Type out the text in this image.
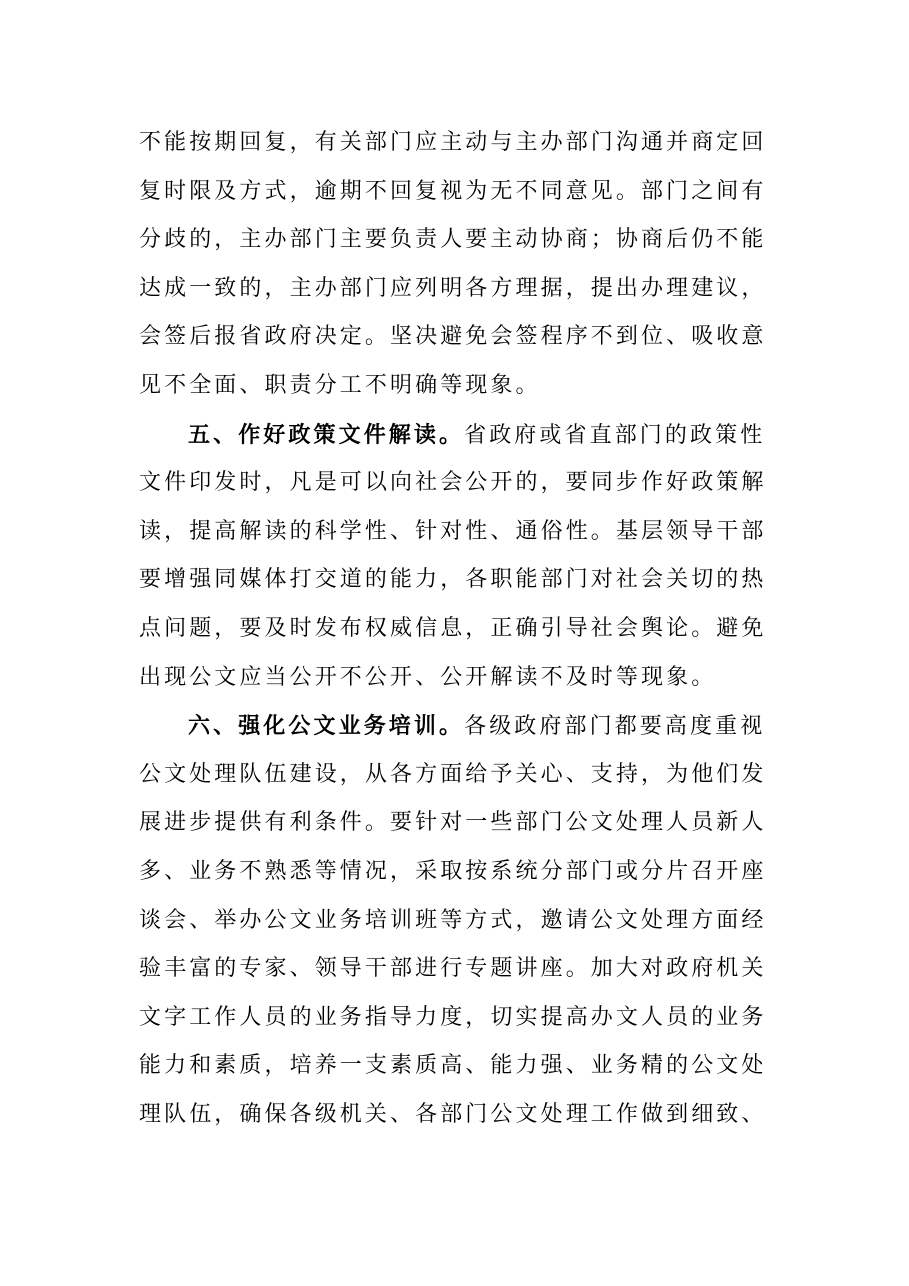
不能按期回复，有关部门应主动与主办部门沟通并商定回
复时限及方式，逾期不回复视为无不同意见。部门之间有
分歧的，主办部门主要负责人要主动协商；协商后仍不能
达成一致的，主办部门应列明各方理据，提出办理建议，
会签后报省政府决定。坚决避免会签程序不到位、吸收意
见不全面、职责分工不明确等现象。
五、作好政策文件解读。省政府或省直部门的政策性
文件印发时，凡是可以向社会公开的，要同步作好政策解
读，提高解读的科学性、针对性、通俗性。基层领导干部
要增强同媒体打交道的能力，各职能部门对社会关切的热
点问题，要及时发布权威信息，正确引导社会舆论。避免
出现公文应当公开不公开、公开解读不及时等现象。
六、强化公文业务培训。各级政府部门都要高度重视
公文处理队伍建设，从各方面给予关心、支持，为他们发
展进步提供有利条件。要针对一些部门公文处理人员新人
多、业务不熟悉等情况，采取按系统分部门或分片召开座
谈会、举办公文业务培训班等方式，邀请公文处理方面经
验丰富的专家、领导干部进行专题讲座。加大对政府机关
文字工作人员的业务指导力度，切实提高办文人员的业务
能力和素质，培养一支素质高、能力强、业务精的公文处
理队伍，确保各级机关、各部门公文处理工作做到细致、
